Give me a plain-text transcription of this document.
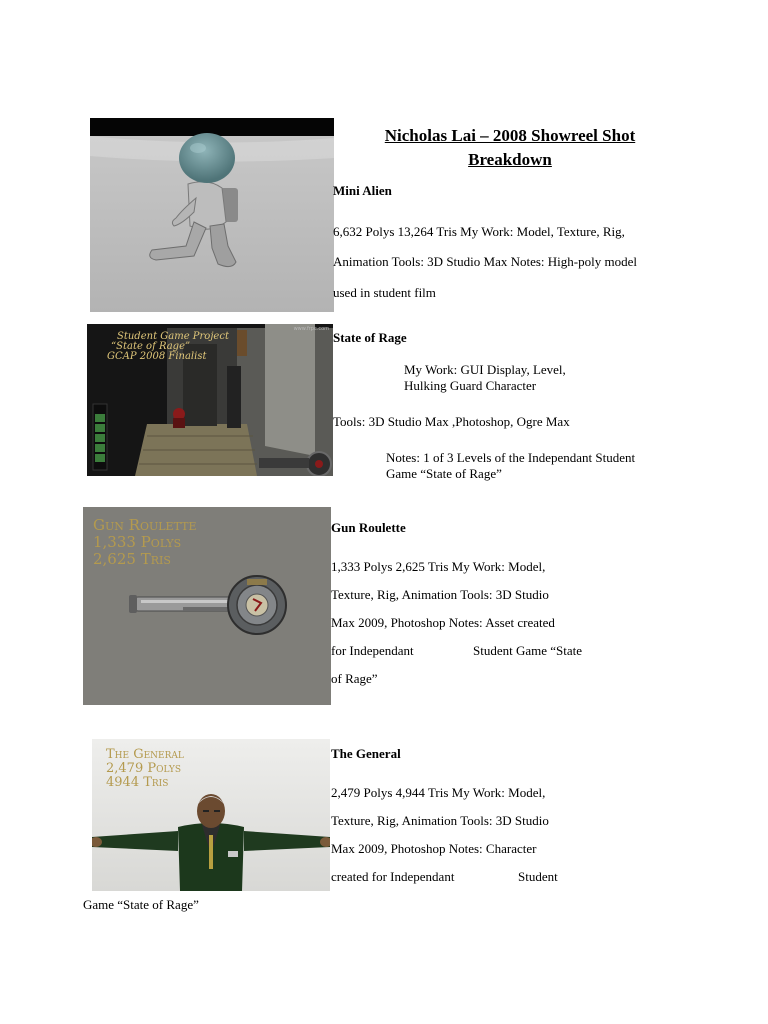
Nicholas Lai – 2008 Showreel Shot
Breakdown
Mini Alien
6,632 Polys 13,264 Tris My Work: Model, Texture, Rig,
Animation Tools: 3D Studio Max Notes: High-poly model
used in student film
www.frpc.com
Student Game Project
“State of Rage”
GCAP 2008 Finalist
State of Rage
My Work: GUI Display, Level,
Hulking Guard Character
Tools: 3D Studio Max ,Photoshop, Ogre Max
Notes: 1 of 3 Levels of the Independant Student
Game “State of Rage”
Gun Roulette
1,333 Polys
2,625 Tris
Gun Roulette
1,333 Polys 2,625 Tris My Work: Model,
Texture, Rig, Animation Tools: 3D Studio
Max 2009, Photoshop Notes: Asset created
for Independant	Student Game “State
of Rage”
The General
2,479 Polys
4944 Tris
The General
2,479 Polys 4,944 Tris My Work: Model,
Texture, Rig, Animation Tools: 3D Studio
Max 2009, Photoshop Notes: Character
created for Independant	Student
Game “State of Rage”
